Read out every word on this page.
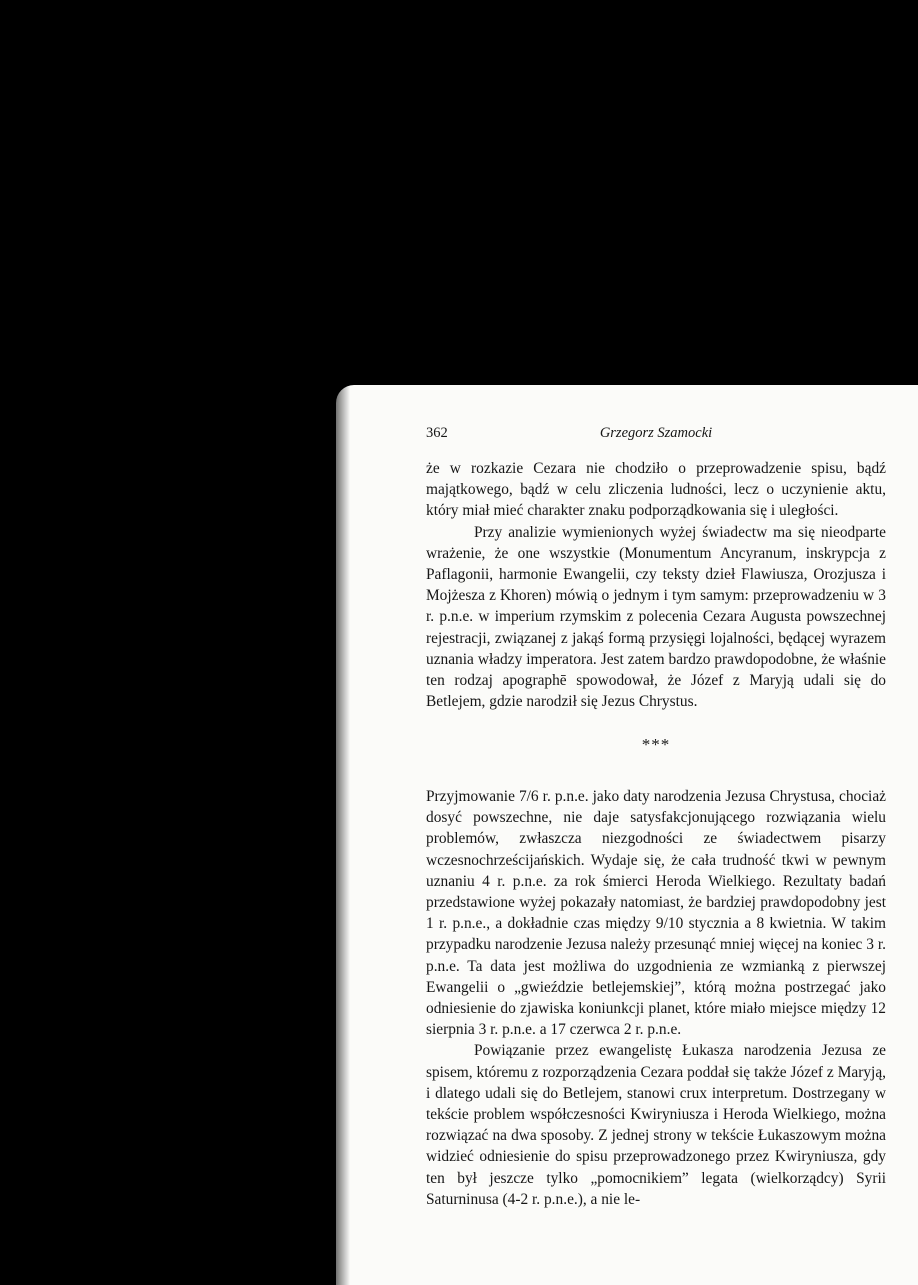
362	Grzegorz Szamocki

że w rozkazie Cezara nie chodziło o przeprowadzenie spisu, bądź majątkowego, bądź w celu zliczenia ludności, lecz o uczynienie aktu, który miał mieć charakter znaku podporządkowania się i uległości.

Przy analizie wymienionych wyżej świadectw ma się nieodparte wrażenie, że one wszystkie (Monumentum Ancyranum, inskrypcja z Paflagonii, harmonie Ewangelii, czy teksty dzieł Flawiusza, Orozjusza i Mojżesza z Khoren) mówią o jednym i tym samym: przeprowadzeniu w 3 r. p.n.e. w imperium rzymskim z polecenia Cezara Augusta powszechnej rejestracji, związanej z jakąś formą przysięgi lojalności, będącej wyrazem uznania władzy imperatora. Jest zatem bardzo prawdopodobne, że właśnie ten rodzaj apographē spowodował, że Józef z Maryją udali się do Betlejem, gdzie narodził się Jezus Chrystus.

***

Przyjmowanie 7/6 r. p.n.e. jako daty narodzenia Jezusa Chrystusa, chociaż dosyć powszechne, nie daje satysfakcjonującego rozwiązania wielu problemów, zwłaszcza niezgodności ze świadectwem pisarzy wczesnochrześcijańskich. Wydaje się, że cała trudność tkwi w pewnym uznaniu 4 r. p.n.e. za rok śmierci Heroda Wielkiego. Rezultaty badań przedstawione wyżej pokazały natomiast, że bardziej prawdopodobny jest 1 r. p.n.e., a dokładnie czas między 9/10 stycznia a 8 kwietnia. W takim przypadku narodzenie Jezusa należy przesunąć mniej więcej na koniec 3 r. p.n.e. Ta data jest możliwa do uzgodnienia ze wzmianką z pierwszej Ewangelii o „gwieździe betlejemskiej”, którą można postrzegać jako odniesienie do zjawiska koniunkcji planet, które miało miejsce między 12 sierpnia 3 r. p.n.e. a 17 czerwca 2 r. p.n.e.

Powiązanie przez ewangelistę Łukasza narodzenia Jezusa ze spisem, któremu z rozporządzenia Cezara poddał się także Józef z Maryją, i dlatego udali się do Betlejem, stanowi crux interpretum. Dostrzegany w tekście problem współczesności Kwiryniusza i Heroda Wielkiego, można rozwiązać na dwa sposoby. Z jednej strony w tekście Łukaszowym można widzieć odniesienie do spisu przeprowadzonego przez Kwiryniusza, gdy ten był jeszcze tylko „pomocnikiem” legata (wielkorządcy) Syrii Saturninusa (4-2 r. p.n.e.), a nie le-
